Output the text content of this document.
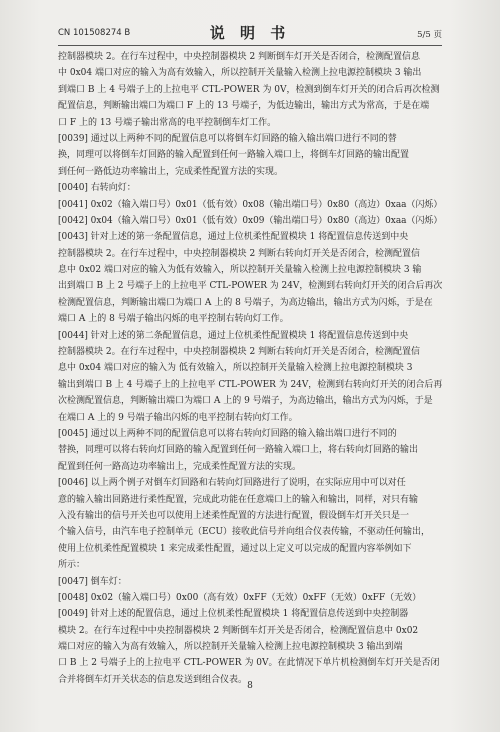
CN 101508274 B	说 明 书	5/5 页
控制器模块 2。在行车过程中，中央控制器模块 2 判断倒车灯开关是否闭合，检测配置信息
中 0x04 端口对应的输入为高有效输入，所以控制开关量输入检测上拉电源控制模块 3 输出
到端口 B 上 4 号端子上的上拉电平 CTL-POWER 为 0V，检测到倒车灯开关的闭合后再次检测
配置信息，判断输出端口为端口 F 上的 13 号端子，为低边输出，输出方式为常高，于是在端
口 F 上的 13 号端子输出常高的电平控制倒车灯工作。
[0039] 通过以上两种不同的配置信息可以将倒车灯回路的输入输出端口进行不同的替
换，同理可以将倒车灯回路的输入配置到任何一路输入端口上，将倒车灯回路的输出配置
到任何一路低边功率输出上，完成柔性配置方法的实现。
[0040] 右转向灯：
[0041] 0x02（输入端口号）0x01（低有效）0x08（输出端口号）0x80（高边）0xaa（闪烁）
[0042] 0x04（输入端口号）0x01（低有效）0x09（输出端口号）0x80（高边）0xaa（闪烁）
[0043] 针对上述的第一条配置信息，通过上位机柔性配置模块 1 将配置信息传送到中央
控制器模块 2。在行车过程中，中央控制器模块 2 判断右转向灯开关是否闭合，检测配置信
息中 0x02 端口对应的输入为低有效输入，所以控制开关量输入检测上拉电源控制模块 3 输
出到端口 B 上 2 号端子上的上拉电平 CTL-POWER 为 24V，检测到右转向灯开关的闭合后再次
检测配置信息，判断输出端口为端口 A 上的 8 号端子，为高边输出，输出方式为闪烁，于是在
端口 A 上的 8 号端子输出闪烁的电平控制右转向灯工作。
[0044] 针对上述的第二条配置信息，通过上位机柔性配置模块 1 将配置信息传送到中央
控制器模块 2。在行车过程中，中央控制器模块 2 判断右转向灯开关是否闭合，检测配置信
息中 0x04 端口对应的输入为 低有效输入，所以控制开关量输入检测上拉电源控制模块 3
输出到端口 B 上 4 号端子上的上拉电平 CTL-POWER 为 24V，检测到右转向灯开关的闭合后再
次检测配置信息，判断输出端口为端口 A 上的 9 号端子，为高边输出，输出方式为闪烁，于是
在端口 A 上的 9 号端子输出闪烁的电平控制右转向灯工作。
[0045] 通过以上两种不同的配置信息可以将右转向灯回路的输入输出端口进行不同的
替换，同理可以将右转向灯回路的输入配置到任何一路输入端口上，将右转向灯回路的输出
配置到任何一路高边功率输出上，完成柔性配置方法的实现。
[0046] 以上两个例子对倒车灯回路和右转向灯回路进行了说明，在实际应用中可以对任
意的输入输出回路进行柔性配置，完成此功能在任意端口上的输入和输出，同样，对只有输
入没有输出的信号开关也可以使用上述柔性配置的方法进行配置，假设倒车灯开关只是一
个输入信号，由汽车电子控制单元（ECU）接收此信号并向组合仪表传输，不驱动任何输出，
使用上位机柔性配置模块 1 来完成柔性配置，通过以上定义可以完成的配置内容举例如下
所示：
[0047] 倒车灯：
[0048] 0x02（输入端口号）0x00（高有效）0xFF（无效）0xFF（无效）0xFF（无效）
[0049] 针对上述的配置信息，通过上位机柔性配置模块 1 将配置信息传送到中央控制器
模块 2。在行车过程中中央控制器模块 2 判断倒车灯开关是否闭合，检测配置信息中 0x02
端口对应的输入为高有效输入，所以控制开关量输入检测上拉电源控制模块 3 输出到端
口 B 上 2 号端子上的上拉电平 CTL-POWER 为 0V。在此情况下单片机检测倒车灯开关是否闭
合并将倒车灯开关状态的信息发送到组合仪表。
8
